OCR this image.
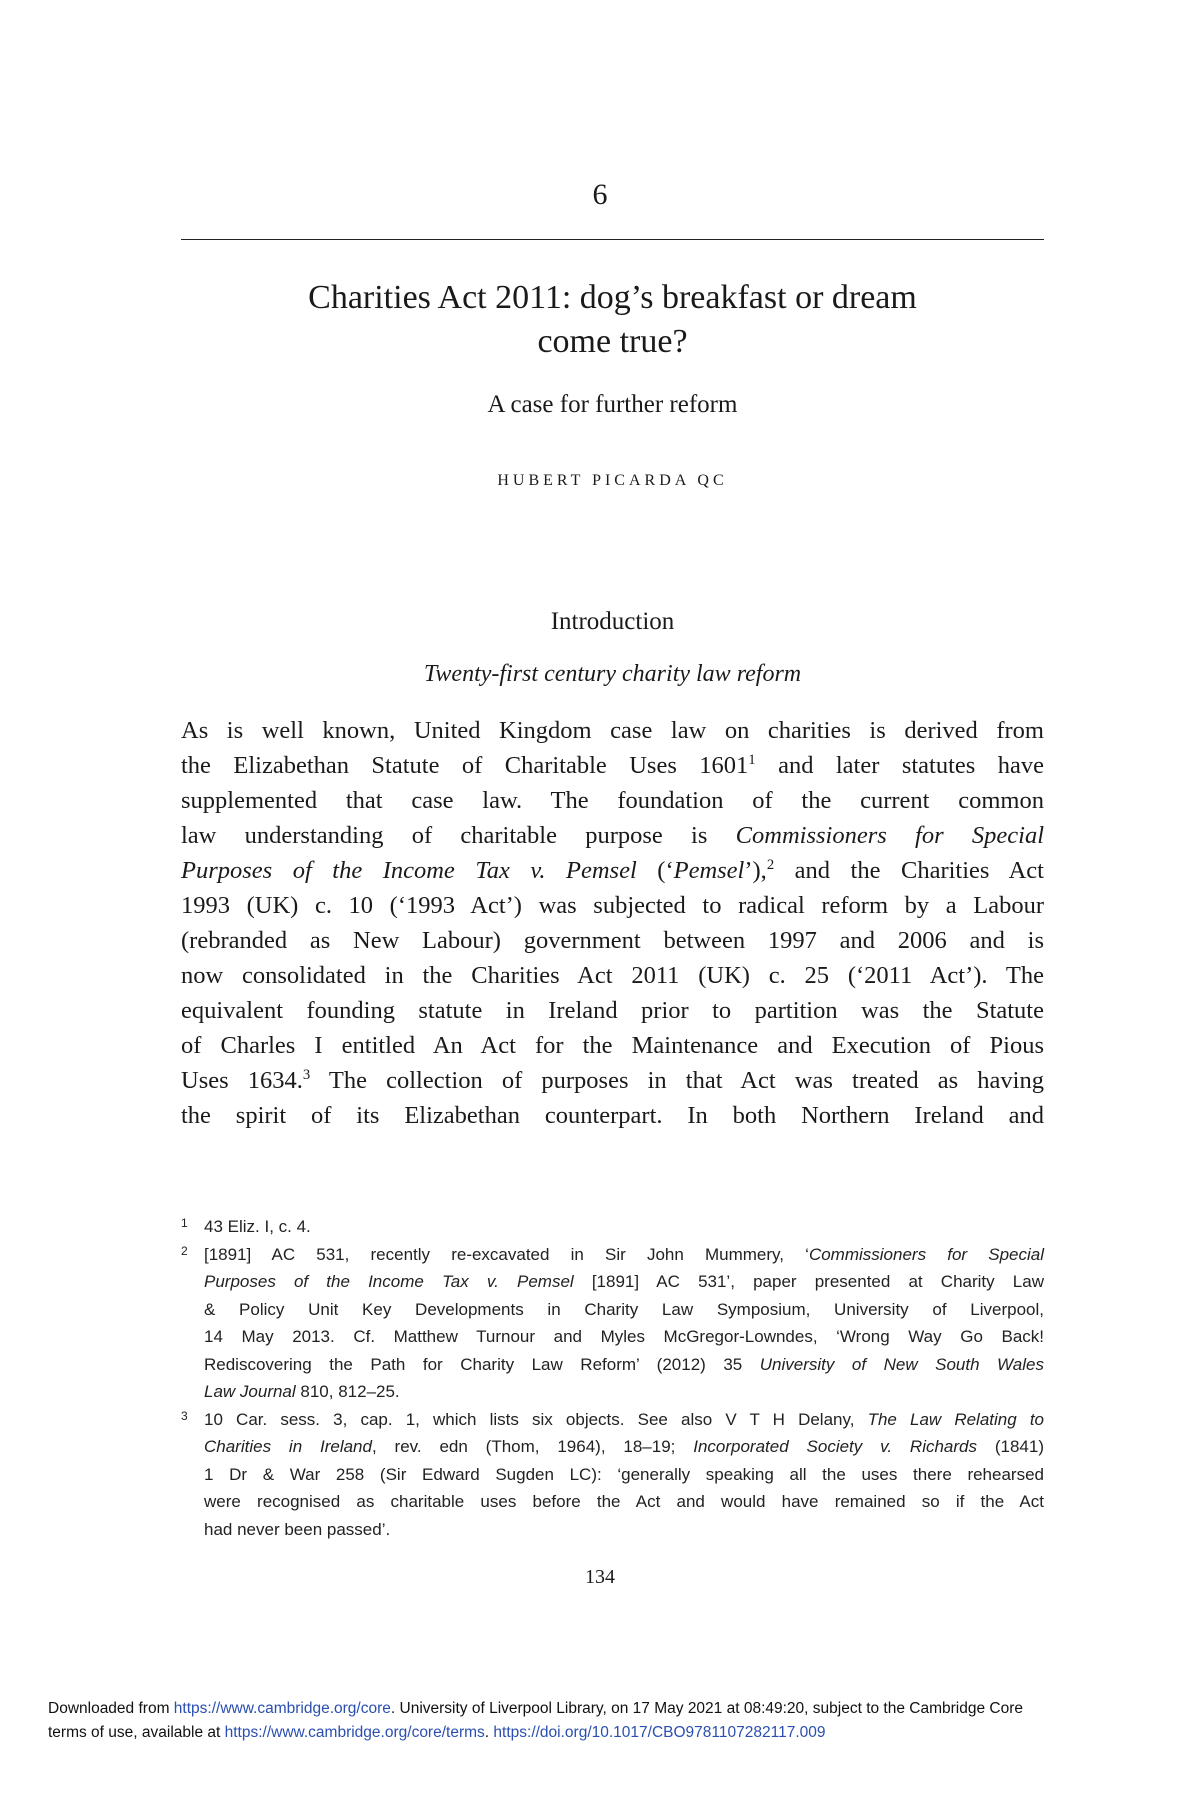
6
Charities Act 2011: dog’s breakfast or dream
come true?
A case for further reform
HUBERT PICARDA QC
Introduction
Twenty-first century charity law reform
As is well known, United Kingdom case law on charities is derived from
the Elizabethan Statute of Charitable Uses 1601$^1$ and later statutes have
supplemented that case law. The foundation of the current common
law understanding of charitable purpose is Commissioners for Special
Purposes of the Income Tax v. Pemsel (‘Pemsel’),$^2$ and the Charities Act
1993 (UK) c. 10 (‘1993 Act’) was subjected to radical reform by a Labour
(rebranded as New Labour) government between 1997 and 2006 and is
now consolidated in the Charities Act 2011 (UK) c. 25 (‘2011 Act’). The
equivalent founding statute in Ireland prior to partition was the Statute
of Charles I entitled An Act for the Maintenance and Execution of Pious
Uses 1634.$^3$ The collection of purposes in that Act was treated as having
the spirit of its Elizabethan counterpart. In both Northern Ireland and
1 43 Eliz. I, c. 4.
2 [1891] AC 531, recently re-excavated in Sir John Mummery, ‘Commissioners for Special
Purposes of the Income Tax v. Pemsel [1891] AC 531’, paper presented at Charity Law
& Policy Unit Key Developments in Charity Law Symposium, University of Liverpool,
14 May 2013. Cf. Matthew Turnour and Myles McGregor-Lowndes, ‘Wrong Way Go Back!
Rediscovering the Path for Charity Law Reform’ (2012) 35 University of New South Wales
Law Journal 810, 812–25.
3 10 Car. sess. 3, cap. 1, which lists six objects. See also V T H Delany, The Law Relating to
Charities in Ireland, rev. edn (Thom, 1964), 18–19; Incorporated Society v. Richards (1841)
1 Dr & War 258 (Sir Edward Sugden LC): ‘generally speaking all the uses there rehearsed
were recognised as charitable uses before the Act and would have remained so if the Act
had never been passed’.
134
Downloaded from https://www.cambridge.org/core. University of Liverpool Library, on 17 May 2021 at 08:49:20, subject to the Cambridge Core
terms of use, available at https://www.cambridge.org/core/terms. https://doi.org/10.1017/CBO9781107282117.009
